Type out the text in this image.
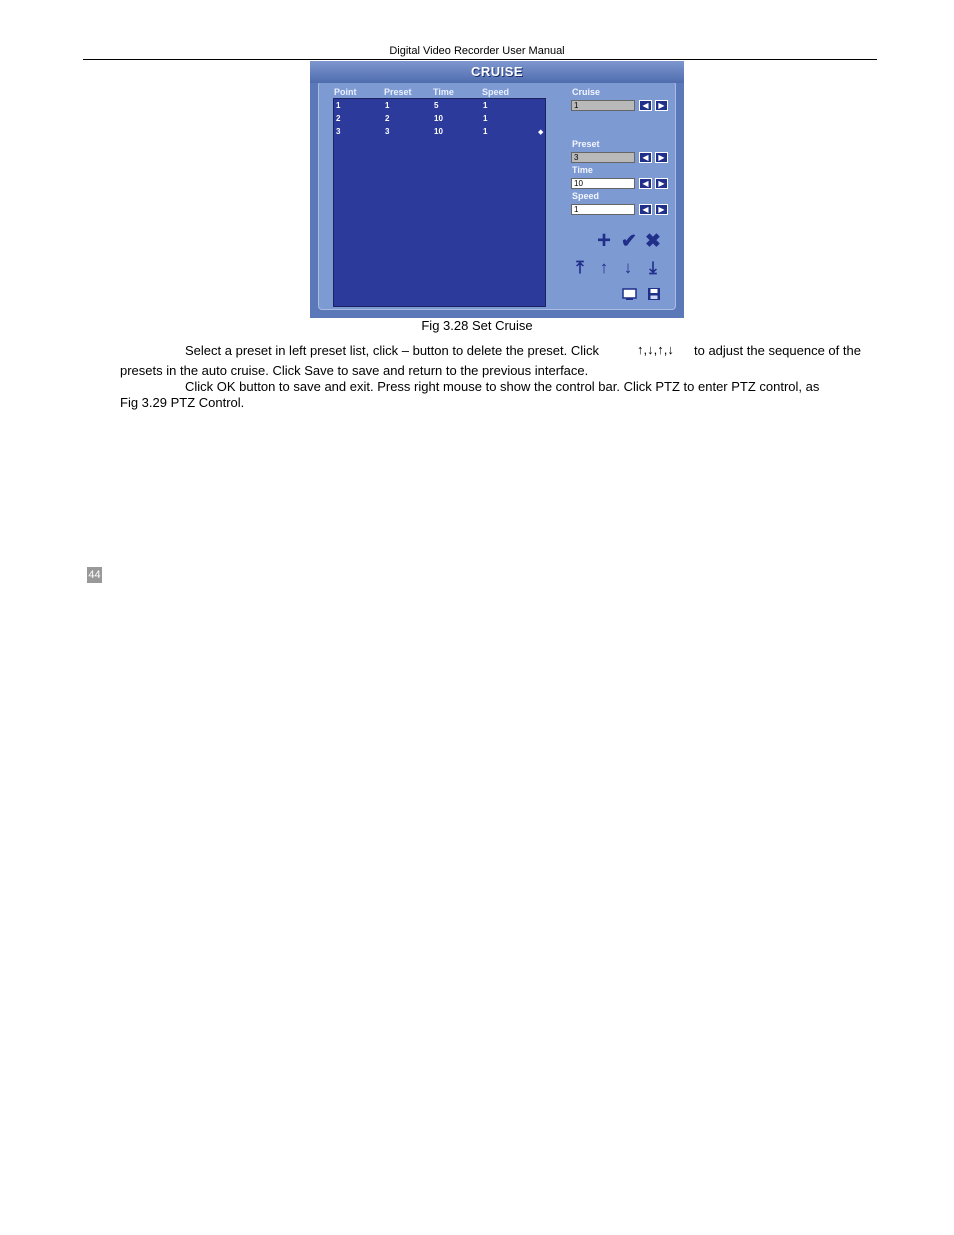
Digital Video Recorder User Manual
CRUISE
Point	Preset Time	Speed
1	1	5	1
2	2	10	1
3	3	10	1	◆
Cruise
1	◀	▶
Preset
3	◀	▶
Time
10	◀	▶
Speed
1	◀	▶
+ ✔ ✖
⤒ ↑ ↓ ⤓
Fig 3.28 Set Cruise
Select a preset in left preset list, click – button to delete the preset. Click	↑,↓,↑,↓ to adjust the sequence of the
presets in the auto cruise. Click Save to save and return to the previous interface.
Click OK button to save and exit. Press right mouse to show the control bar. Click PTZ to enter PTZ control, as
Fig 3.29 PTZ Control.
44
